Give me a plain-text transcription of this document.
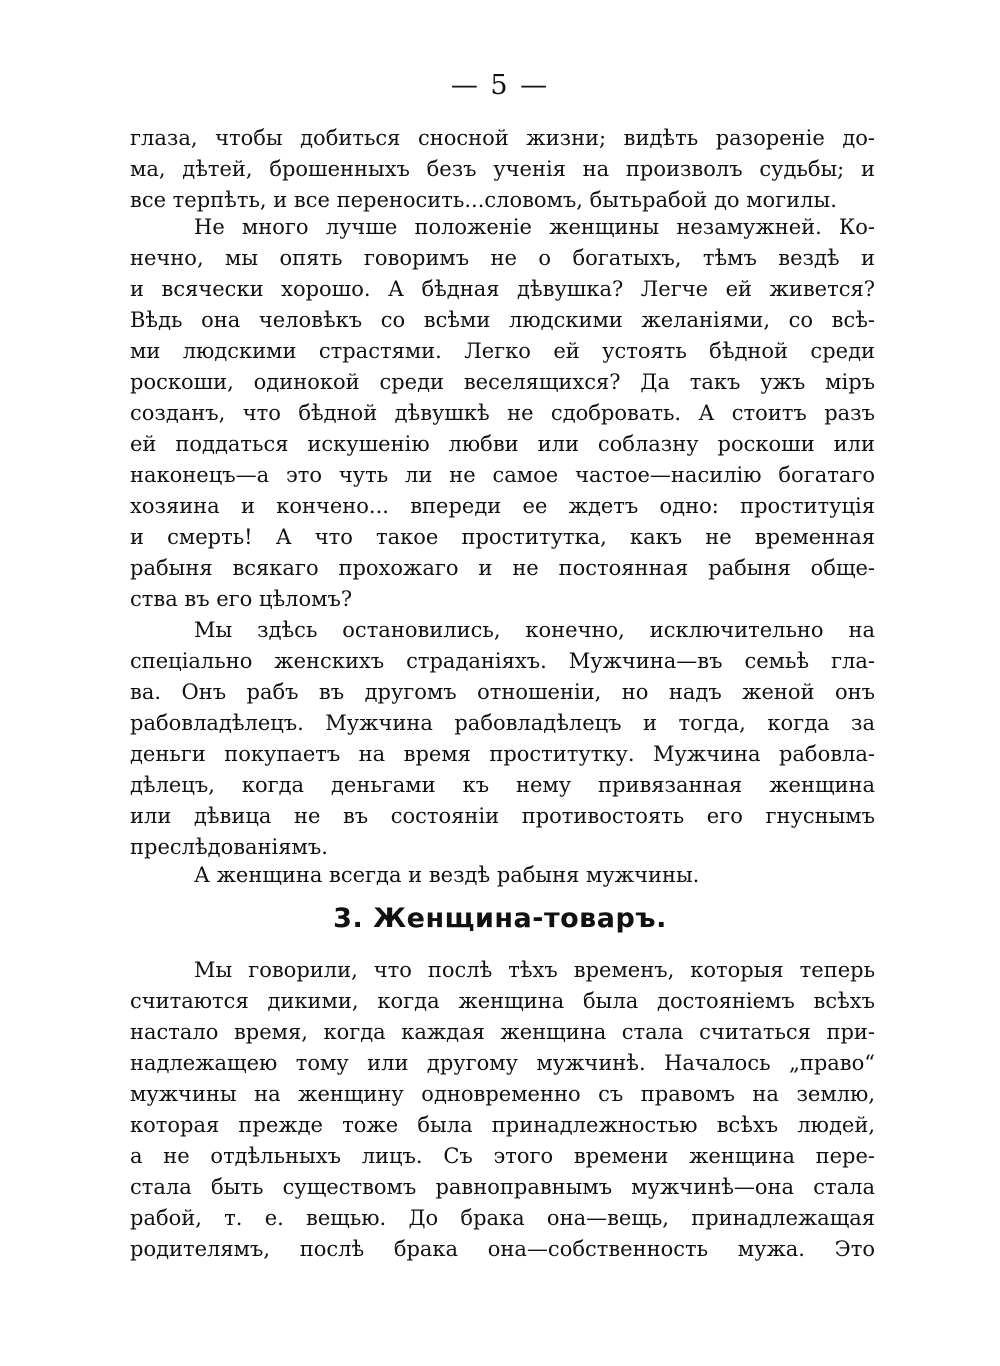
— 5 —
глаза, чтобы добиться сносной жизни; видѣть разореніе до-
ма, дѣтей, брошенныхъ безъ ученія на произволъ судьбы; и
все терпѣть, и все переносить...словомъ, бытьрабой до могилы.
Не много лучше положеніе женщины незамужней. Ко-
нечно, мы опять говоримъ не о богатыхъ, тѣмъ вездѣ и
и всячески хорошо. А бѣдная дѣвушка? Легче ей живется?
Вѣдь она человѣкъ со всѣми людскими желаніями, со всѣ-
ми людскими страстями. Легко ей устоять бѣдной среди
роскоши, одинокой среди веселящихся? Да такъ ужъ міръ
созданъ, что бѣдной дѣвушкѣ не сдобровать. А стоитъ разъ
ей поддаться искушенію любви или соблазну роскоши или
наконецъ—а это чуть ли не самое частое—насилію богатаго
хозяина и кончено... впереди ее ждетъ одно: проституція
и смерть! А что такое проститутка, какъ не временная
рабыня всякаго прохожаго и не постоянная рабыня обще-
ства въ его цѣломъ?
Мы здѣсь остановились, конечно, исключительно на
спеціально женскихъ страданіяхъ. Мужчина—въ семьѣ гла-
ва. Онъ рабъ въ другомъ отношеніи, но надъ женой онъ
рабовладѣлецъ. Мужчина рабовладѣлецъ и тогда, когда за
деньги покупаетъ на время проститутку. Мужчина рабовла-
дѣлецъ, когда деньгами къ нему привязанная женщина
или дѣвица не въ состояніи противостоять его гнуснымъ
преслѣдованіямъ.
А женщина всегда и вездѣ рабыня мужчины.
3. Женщина-товаръ.
Мы говорили, что послѣ тѣхъ временъ, которыя теперь
считаются дикими, когда женщина была достояніемъ всѣхъ
настало время, когда каждая женщина стала считаться при-
надлежащею тому или другому мужчинѣ. Началось „право“
мужчины на женщину одновременно съ правомъ на землю,
которая прежде тоже была принадлежностью всѣхъ людей,
а не отдѣльныхъ лицъ. Съ этого времени женщина пере-
стала быть существомъ равноправнымъ мужчинѣ—она стала
рабой, т. е. вещью. До брака она—вещь, принадлежащая
родителямъ, послѣ брака она—собственность мужа. Это
